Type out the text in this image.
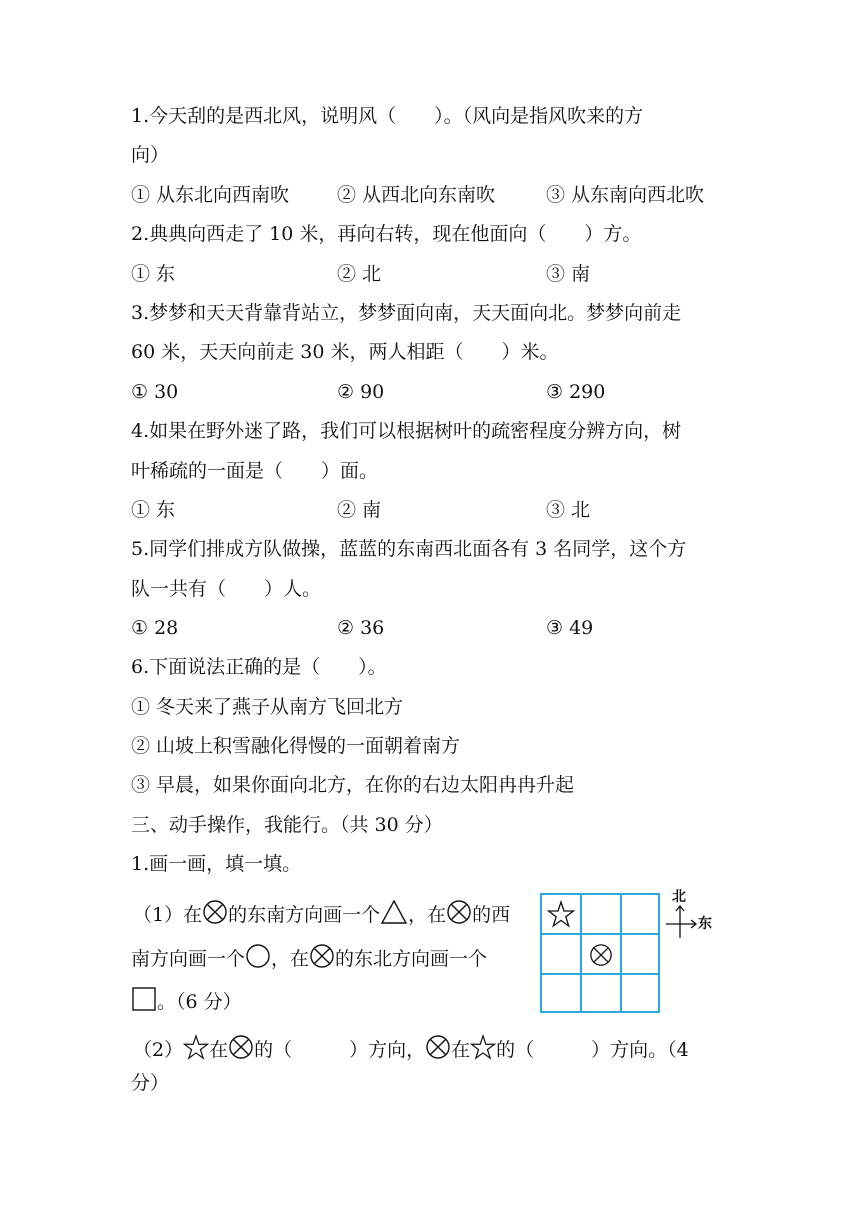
1.今天刮的是西北风，说明风（　　）。（风向是指风吹来的方
向）
① 从东北向西南吹	② 从西北向东南吹	③ 从东南向西北吹
2.典典向西走了 10 米，再向右转，现在他面向（　　）方。
① 东	② 北	③ 南
3.梦梦和天天背靠背站立，梦梦面向南，天天面向北。梦梦向前走
60 米，天天向前走 30 米，两人相距（　　）米。
① 30	② 90	③ 290
4.如果在野外迷了路，我们可以根据树叶的疏密程度分辨方向，树
叶稀疏的一面是（　　）面。
① 东	② 南	③ 北
5.同学们排成方队做操，蓝蓝的东南西北面各有 3 名同学，这个方
队一共有（　　）人。
① 28	② 36	③ 49
6.下面说法正确的是（　　）。
① 冬天来了燕子从南方飞回北方
② 山坡上积雪融化得慢的一面朝着南方
③ 早晨，如果你面向北方，在你的右边太阳冉冉升起
三、动手操作，我能行。（共 30 分）
1.画一画，填一填。
（1）在 的东南方向画一个 ，在 的西
南方向画一个 ，在 的东北方向画一个
。（6 分）
北
东
（2） 在 的（　　　）方向， 在 的（　　　）方向。（4
分）
